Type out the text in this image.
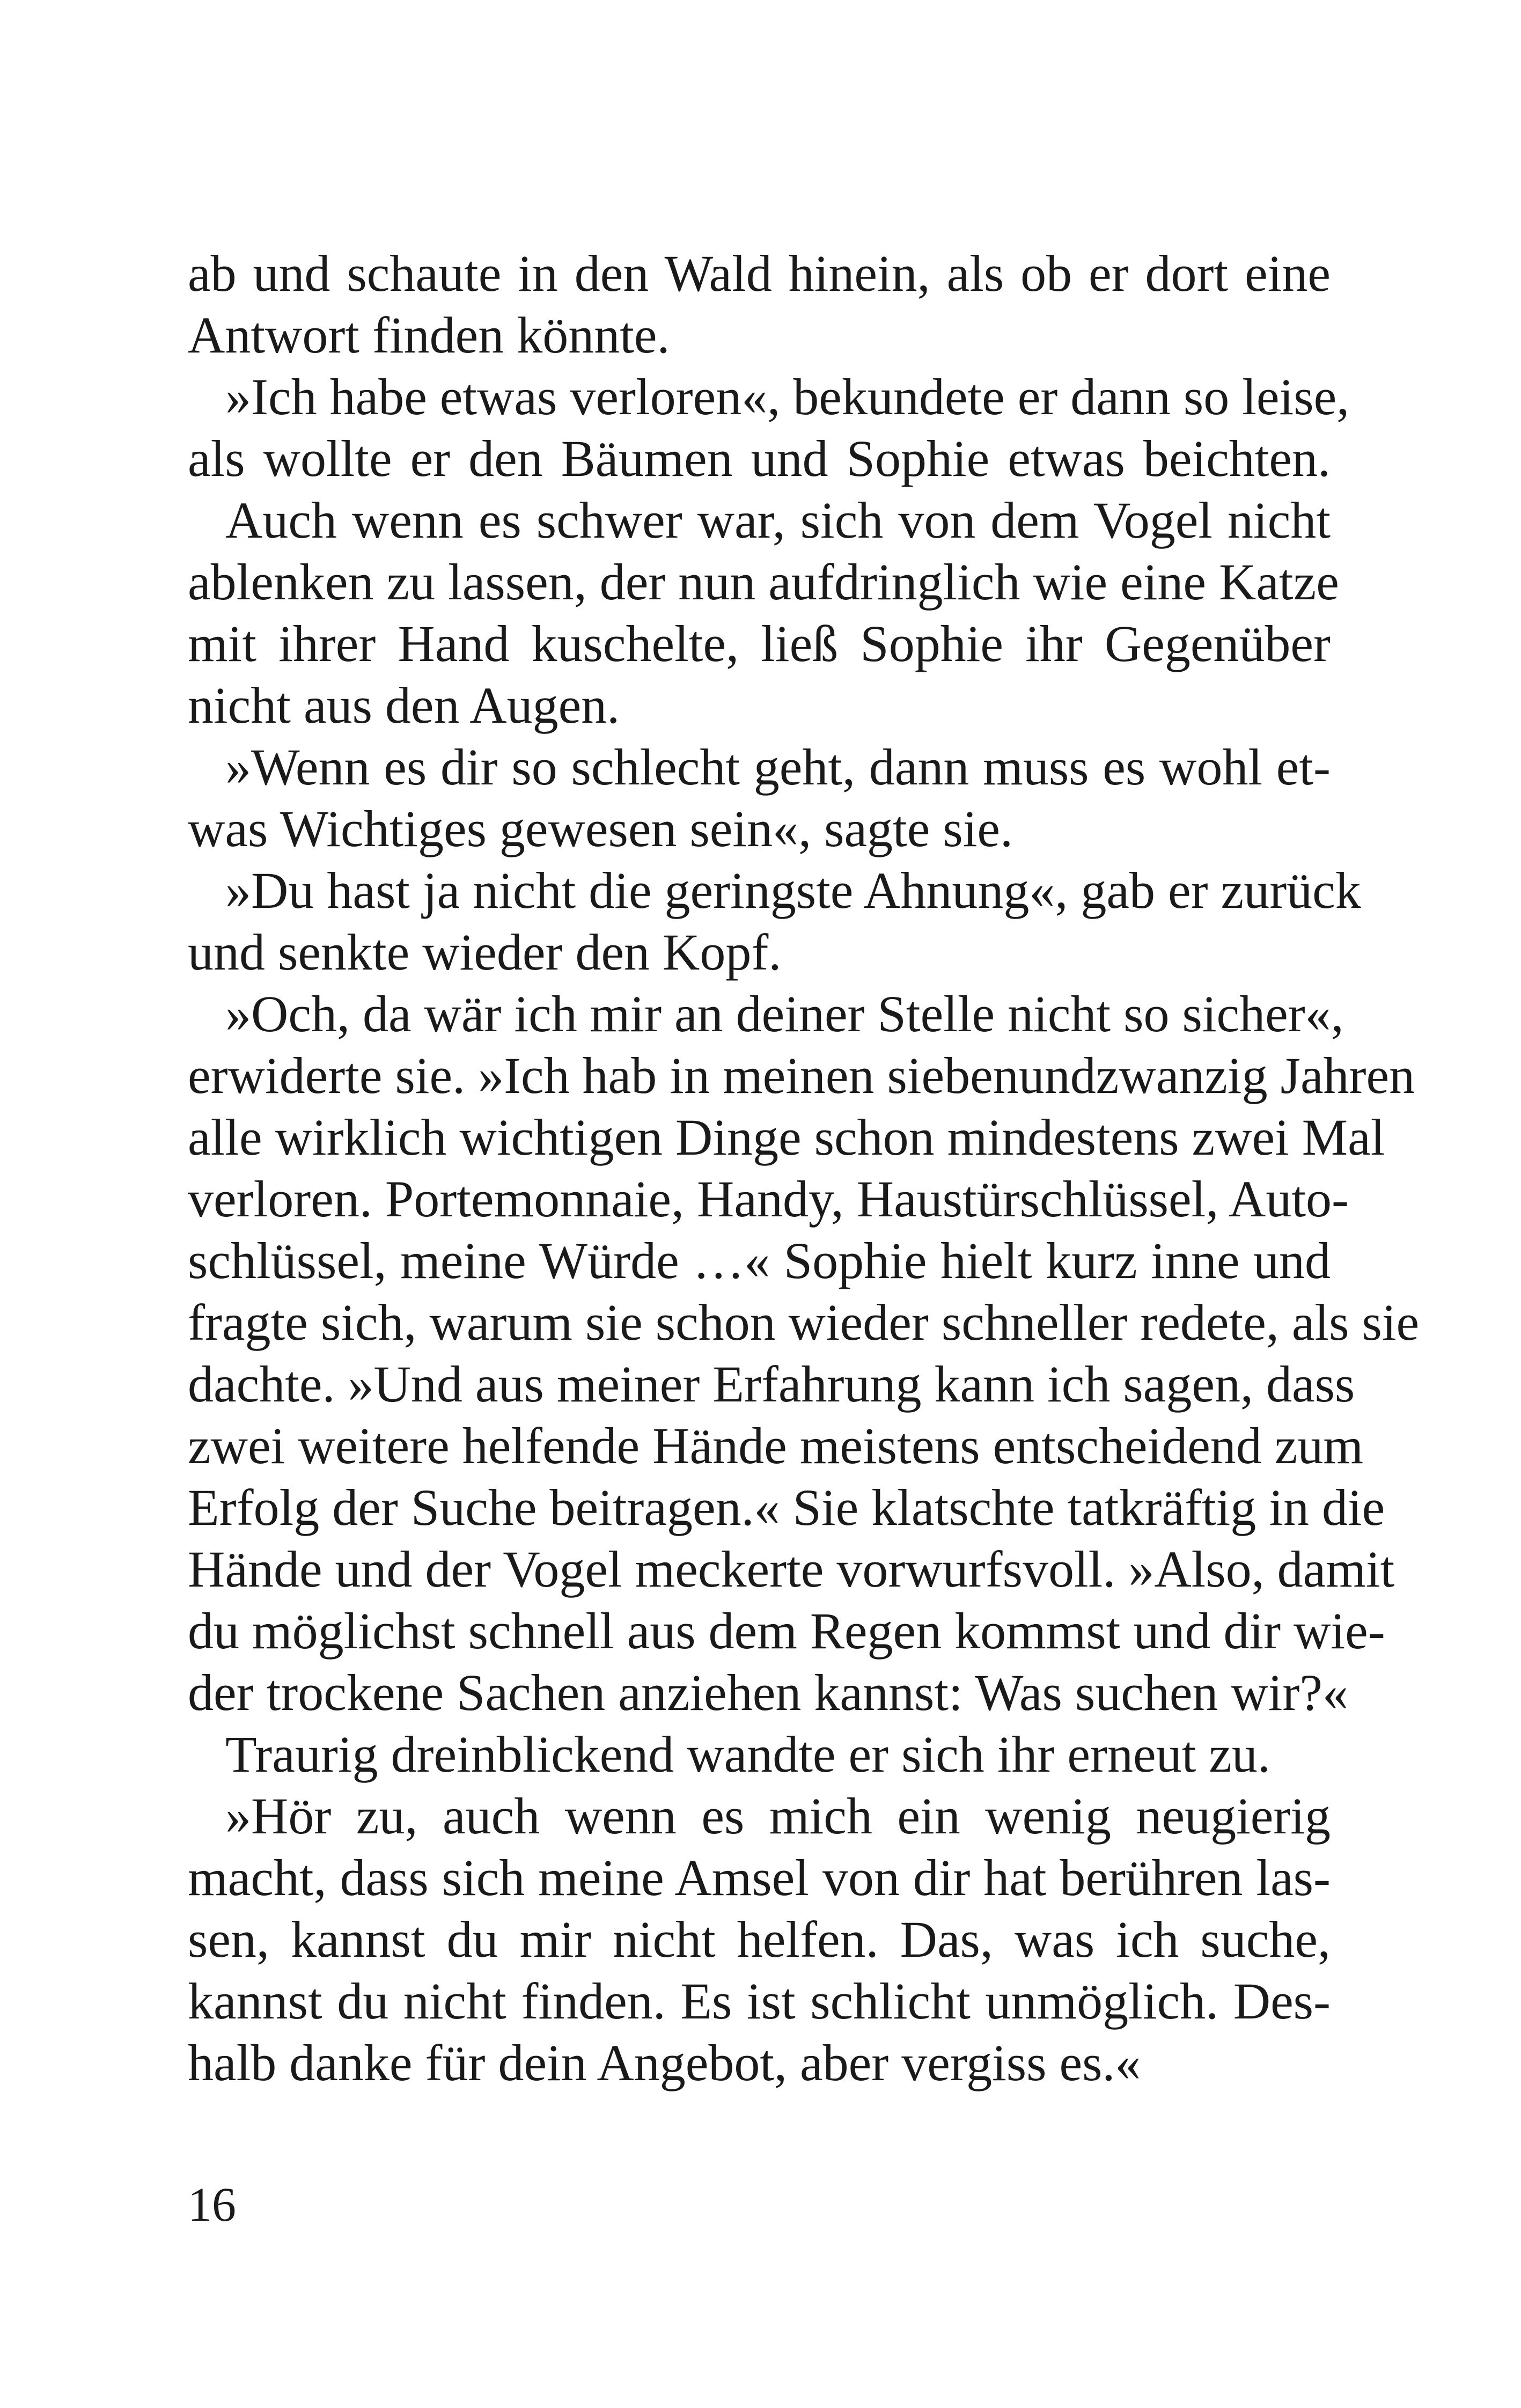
ab und schaute in den Wald hinein, als ob er dort eine
Antwort finden könnte.
»Ich habe etwas verloren«, bekundete er dann so leise,
als wollte er den Bäumen und Sophie etwas beichten.
Auch wenn es schwer war, sich von dem Vogel nicht
ablenken zu lassen, der nun aufdringlich wie eine Katze
mit ihrer Hand kuschelte, ließ Sophie ihr Gegenüber
nicht aus den Augen.
»Wenn es dir so schlecht geht, dann muss es wohl et-
was Wichtiges gewesen sein«, sagte sie.
»Du hast ja nicht die geringste Ahnung«, gab er zurück
und senkte wieder den Kopf.
»Och, da wär ich mir an deiner Stelle nicht so sicher«,
erwiderte sie. »Ich hab in meinen siebenundzwanzig Jahren
alle wirklich wichtigen Dinge schon mindestens zwei Mal
verloren. Portemonnaie, Handy, Haustürschlüssel, Auto-
schlüssel, meine Würde …« Sophie hielt kurz inne und
fragte sich, warum sie schon wieder schneller redete, als sie
dachte. »Und aus meiner Erfahrung kann ich sagen, dass
zwei weitere helfende Hände meistens entscheidend zum
Erfolg der Suche beitragen.« Sie klatschte tatkräftig in die
Hände und der Vogel meckerte vorwurfsvoll. »Also, damit
du möglichst schnell aus dem Regen kommst und dir wie-
der trockene Sachen anziehen kannst: Was suchen wir?«
Traurig dreinblickend wandte er sich ihr erneut zu.
»Hör zu, auch wenn es mich ein wenig neugierig
macht, dass sich meine Amsel von dir hat berühren las-
sen, kannst du mir nicht helfen. Das, was ich suche,
kannst du nicht finden. Es ist schlicht unmöglich. Des-
halb danke für dein Angebot, aber vergiss es.«
16
